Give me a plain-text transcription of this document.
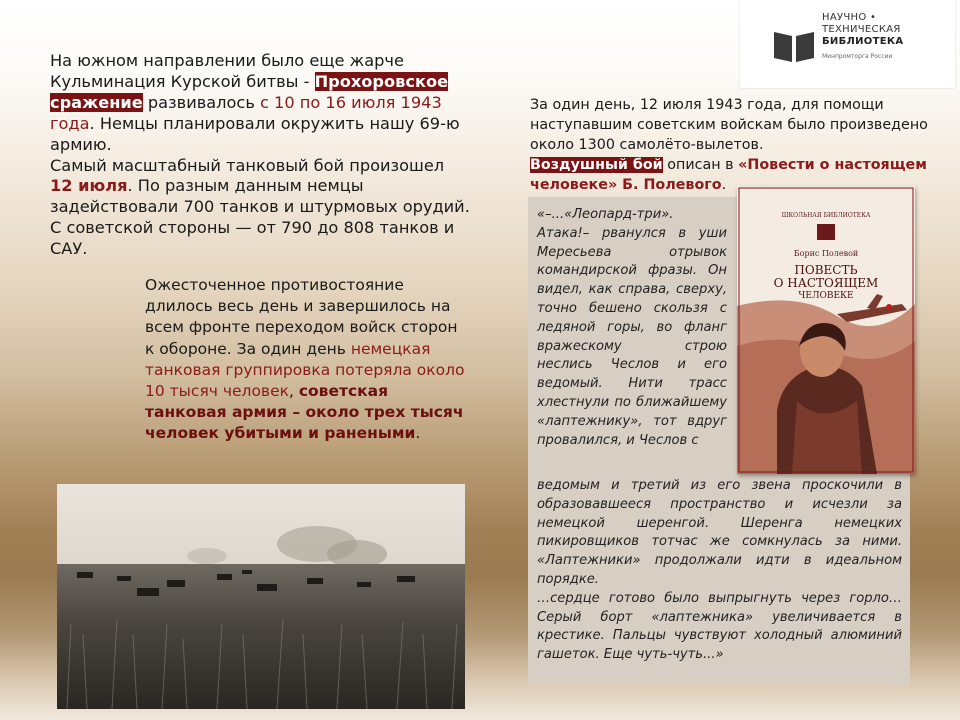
НАУЧНО •
ТЕХНИЧЕСКАЯ
БИБЛИОТЕКА
Минпромторга России
На южном направлении было еще жарче Кульминация Курской битвы - Прохоровское сражение развивалось с 10 по 16 июля 1943 года. Немцы планировали окружить нашу 69-ю армию.
Самый масштабный танковый бой произошел 12 июля. По разным данным немцы задействовали 700 танков и штурмовых орудий. С советской стороны — от 790 до 808 танков и САУ.
Ожесточенное противостояние длилось весь день и завершилось на всем фронте переходом войск сторон к обороне. За один день немецкая танковая группировка потеряла около 10 тысяч человек, советская танковая армия – около трех тысяч человек убитыми и ранеными.
За один день, 12 июля 1943 года, для помощи наступавшим советским войскам было произведено около 1300 самолёто-вылетов.
Воздушный бой описан в «Повести о настоящем человеке» Б. Полевого.
«–...«Леопард-три». Атака!– рванулся в уши Мересьева отрывок командирской фразы. Он видел, как справа, сверху, точно бешено скользя с ледяной горы, во фланг вражескому строю неслись Чеслов и его ведомый. Нити трасс хлестнули по ближайшему «лаптежнику», тот вдруг провалился, и Чеслов с

ведомым и третий из его звена проскочили в образовавшееся пространство и исчезли за немецкой шеренгой. Шеренга немецких пикировщиков тотчас же сомкнулась за ними. «Лаптежники» продолжали идти в идеальном порядке.

…сердце готово было выпрыгнуть через горло… Серый борт «лаптежника» увеличивается в крестике. Пальцы чувствуют холодный алюминий гашеток. Еще чуть-чуть...»

ШКОЛЬНАЯ БИБЛИОТЕКА
Борис Полевой
ПОВЕСТЬ
О НАСТОЯЩЕМ
ЧЕЛОВЕКЕ
